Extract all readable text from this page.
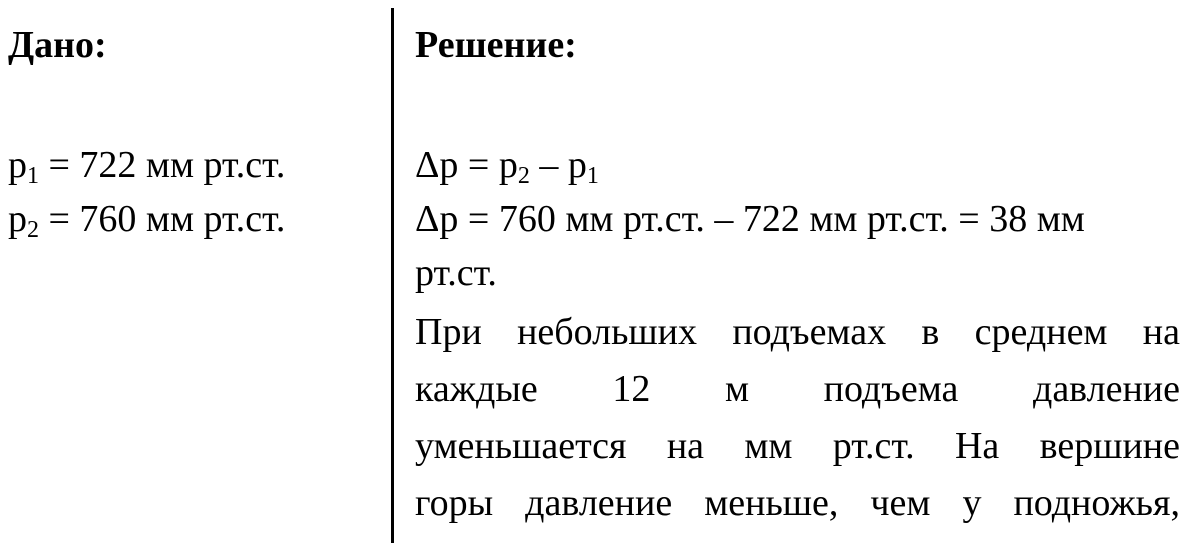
Дано:
$p_1 = 722$ мм рт.ст.
$p_2 = 760$ мм рт.ст.
Решение:
$\Delta p = p_2 - p_1$
Δp = 760 мм рт.ст. – 722 мм рт.ст. = 38 мм
рт.ст.
При небольших подъемах в среднем на
каждые 12 м подъема давление
уменьшается на мм рт.ст. На вершине
горы давление меньше, чем у подножья,
